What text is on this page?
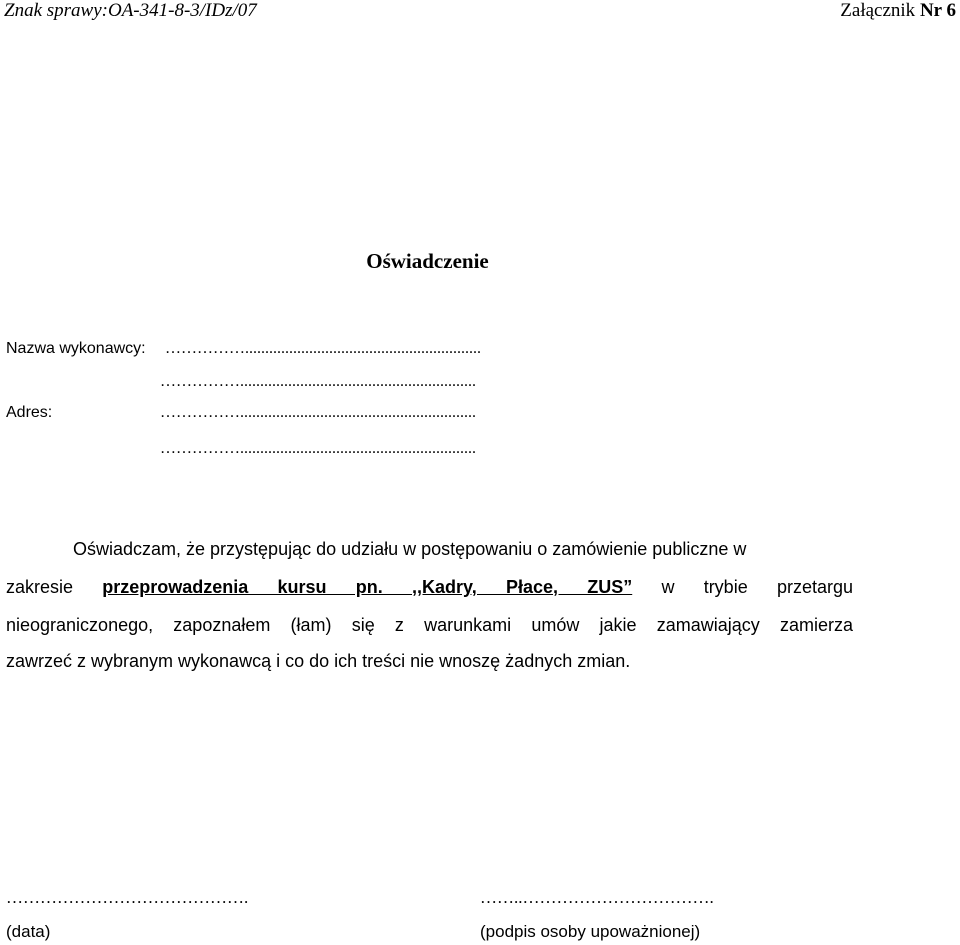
Znak sprawy:OA-341-8-3/IDz/07	Załącznik Nr 6
Oświadczenie
Nazwa wykonawcy: ……………...........................................................
……………...........................................................
Adres:	……………...........................................................
……………...........................................................
Oświadczam, że przystępując do udziału w postępowaniu o zamówienie publiczne w
zakresie przeprowadzenia kursu pn. ,,Kadry, Płace, ZUS” w trybie przetargu
nieograniczonego, zapoznałem (łam) się z warunkami umów jakie zamawiający zamierza
zawrzeć z wybranym wykonawcą i co do ich treści nie wnoszę żadnych zmian.
…………………………………….
(data)
……..…………………………….
(podpis osoby upoważnionej)
